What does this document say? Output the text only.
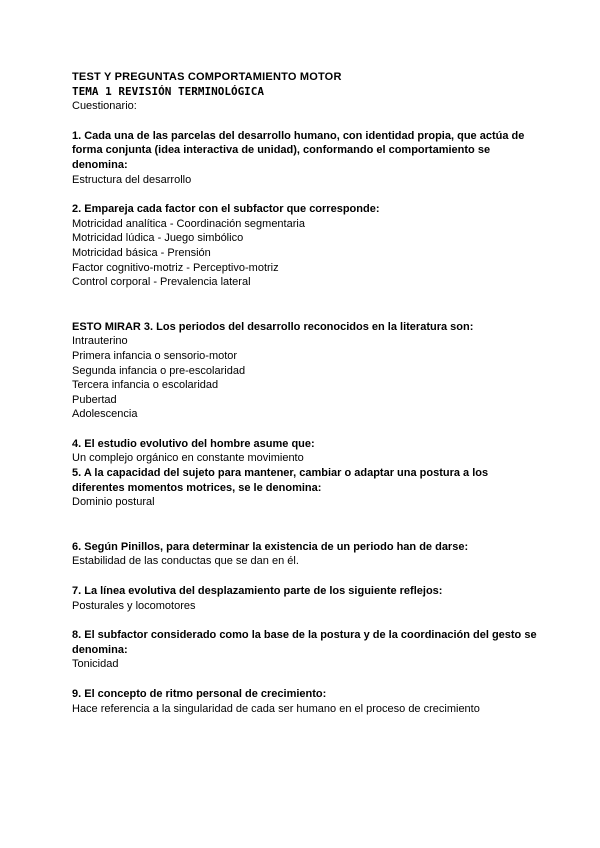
TEST Y PREGUNTAS COMPORTAMIENTO MOTOR
TEMA 1 REVISIÓN TERMINOLÓGICA
Cuestionario:
1. Cada una de las parcelas del desarrollo humano, con identidad propia, que actúa de forma conjunta (idea interactiva de unidad), conformando el comportamiento se denomina:
Estructura del desarrollo
2. Empareja cada factor con el subfactor que corresponde:
Motricidad analítica - Coordinación segmentaria
Motricidad lúdica - Juego simbólico
Motricidad básica - Prensión
Factor cognitivo-motriz - Perceptivo-motriz
Control corporal - Prevalencia lateral
ESTO MIRAR 3. Los periodos del desarrollo reconocidos en la literatura son:
Intrauterino
Primera infancia o sensorio-motor
Segunda infancia o pre-escolaridad
Tercera infancia o escolaridad
Pubertad
Adolescencia
4. El estudio evolutivo del hombre asume que:
Un complejo orgánico en constante movimiento
5. A la capacidad del sujeto para mantener, cambiar o adaptar una postura a los diferentes momentos motrices, se le denomina:
Dominio postural
6. Según Pinillos, para determinar la existencia de un periodo han de darse:
Estabilidad de las conductas que se dan en él.
7. La línea evolutiva del desplazamiento parte de los siguiente reflejos:
Posturales y locomotores
8. El subfactor considerado como la base de la postura y de la coordinación del gesto se denomina:
Tonicidad
9. El concepto de ritmo personal de crecimiento:
Hace referencia a la singularidad de cada ser humano en el proceso de crecimiento
